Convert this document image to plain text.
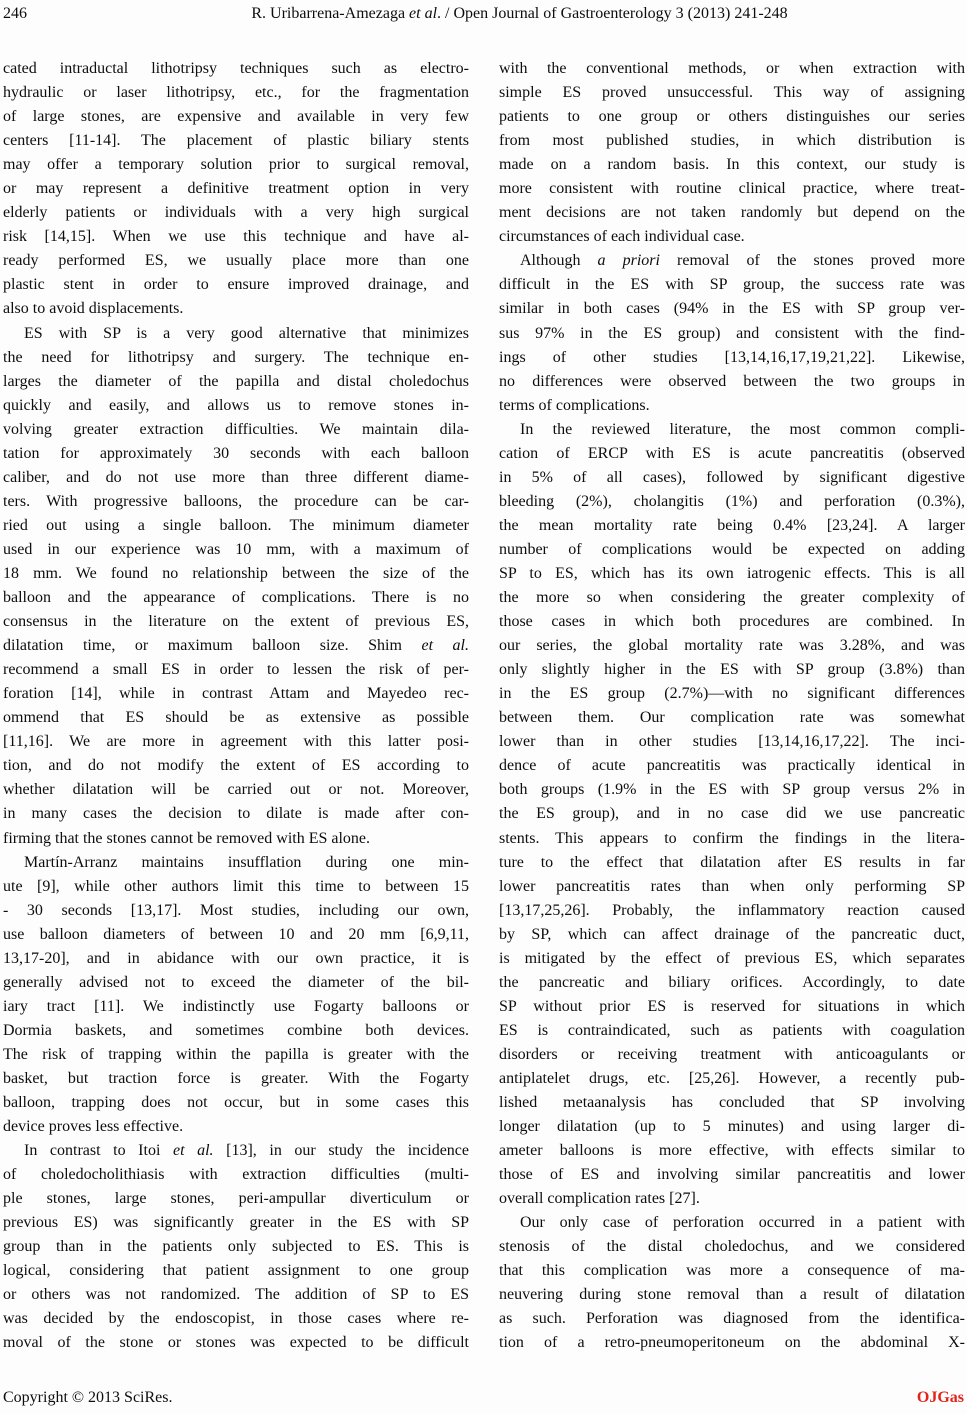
246	R. Uribarrena-Amezaga et al. / Open Journal of Gastroenterology 3 (2013) 241-248
cated intraductal lithotripsy techniques such as electro-
hydraulic or laser lithotripsy, etc., for the fragmentation
of large stones, are expensive and available in very few
centers [11-14]. The placement of plastic biliary stents
may offer a temporary solution prior to surgical removal,
or may represent a definitive treatment option in very
elderly patients or individuals with a very high surgical
risk [14,15]. When we use this technique and have al-
ready performed ES, we usually place more than one
plastic stent in order to ensure improved drainage, and
also to avoid displacements.
ES with SP is a very good alternative that minimizes
the need for lithotripsy and surgery. The technique en-
larges the diameter of the papilla and distal choledochus
quickly and easily, and allows us to remove stones in-
volving greater extraction difficulties. We maintain dila-
tation for approximately 30 seconds with each balloon
caliber, and do not use more than three different diame-
ters. With progressive balloons, the procedure can be car-
ried out using a single balloon. The minimum diameter
used in our experience was 10 mm, with a maximum of
18 mm. We found no relationship between the size of the
balloon and the appearance of complications. There is no
consensus in the literature on the extent of previous ES,
dilatation time, or maximum balloon size. Shim et al.
recommend a small ES in order to lessen the risk of per-
foration [14], while in contrast Attam and Mayedeo rec-
ommend that ES should be as extensive as possible
[11,16]. We are more in agreement with this latter posi-
tion, and do not modify the extent of ES according to
whether dilatation will be carried out or not. Moreover,
in many cases the decision to dilate is made after con-
firming that the stones cannot be removed with ES alone.
Martín-Arranz maintains insufflation during one min-
ute [9], while other authors limit this time to between 15
- 30 seconds [13,17]. Most studies, including our own,
use balloon diameters of between 10 and 20 mm [6,9,11,
13,17-20], and in abidance with our own practice, it is
generally advised not to exceed the diameter of the bil-
iary tract [11]. We indistinctly use Fogarty balloons or
Dormia baskets, and sometimes combine both devices.
The risk of trapping within the papilla is greater with the
basket, but traction force is greater. With the Fogarty
balloon, trapping does not occur, but in some cases this
device proves less effective.
In contrast to Itoi et al. [13], in our study the incidence
of choledocholithiasis with extraction difficulties (multi-
ple stones, large stones, peri-ampullar diverticulum or
previous ES) was significantly greater in the ES with SP
group than in the patients only subjected to ES. This is
logical, considering that patient assignment to one group
or others was not randomized. The addition of SP to ES
was decided by the endoscopist, in those cases where re-
moval of the stone or stones was expected to be difficult
with the conventional methods, or when extraction with
simple ES proved unsuccessful. This way of assigning
patients to one group or others distinguishes our series
from most published studies, in which distribution is
made on a random basis. In this context, our study is
more consistent with routine clinical practice, where treat-
ment decisions are not taken randomly but depend on the
circumstances of each individual case.
Although a priori removal of the stones proved more
difficult in the ES with SP group, the success rate was
similar in both cases (94% in the ES with SP group ver-
sus 97% in the ES group) and consistent with the find-
ings of other studies [13,14,16,17,19,21,22]. Likewise,
no differences were observed between the two groups in
terms of complications.
In the reviewed literature, the most common compli-
cation of ERCP with ES is acute pancreatitis (observed
in 5% of all cases), followed by significant digestive
bleeding (2%), cholangitis (1%) and perforation (0.3%),
the mean mortality rate being 0.4% [23,24]. A larger
number of complications would be expected on adding
SP to ES, which has its own iatrogenic effects. This is all
the more so when considering the greater complexity of
those cases in which both procedures are combined. In
our series, the global mortality rate was 3.28%, and was
only slightly higher in the ES with SP group (3.8%) than
in the ES group (2.7%)—with no significant differences
between them. Our complication rate was somewhat
lower than in other studies [13,14,16,17,22]. The inci-
dence of acute pancreatitis was practically identical in
both groups (1.9% in the ES with SP group versus 2% in
the ES group), and in no case did we use pancreatic
stents. This appears to confirm the findings in the litera-
ture to the effect that dilatation after ES results in far
lower pancreatitis rates than when only performing SP
[13,17,25,26]. Probably, the inflammatory reaction caused
by SP, which can affect drainage of the pancreatic duct,
is mitigated by the effect of previous ES, which separates
the pancreatic and biliary orifices. Accordingly, to date
SP without prior ES is reserved for situations in which
ES is contraindicated, such as patients with coagulation
disorders or receiving treatment with anticoagulants or
antiplatelet drugs, etc. [25,26]. However, a recently pub-
lished metaanalysis has concluded that SP involving
longer dilatation (up to 5 minutes) and using larger di-
ameter balloons is more effective, with effects similar to
those of ES and involving similar pancreatitis and lower
overall complication rates [27].
Our only case of perforation occurred in a patient with
stenosis of the distal choledochus, and we considered
that this complication was more a consequence of ma-
neuvering during stone removal than a result of dilatation
as such. Perforation was diagnosed from the identifica-
tion of a retro-pneumoperitoneum on the abdominal X-
Copyright © 2013 SciRes.	OJGas
